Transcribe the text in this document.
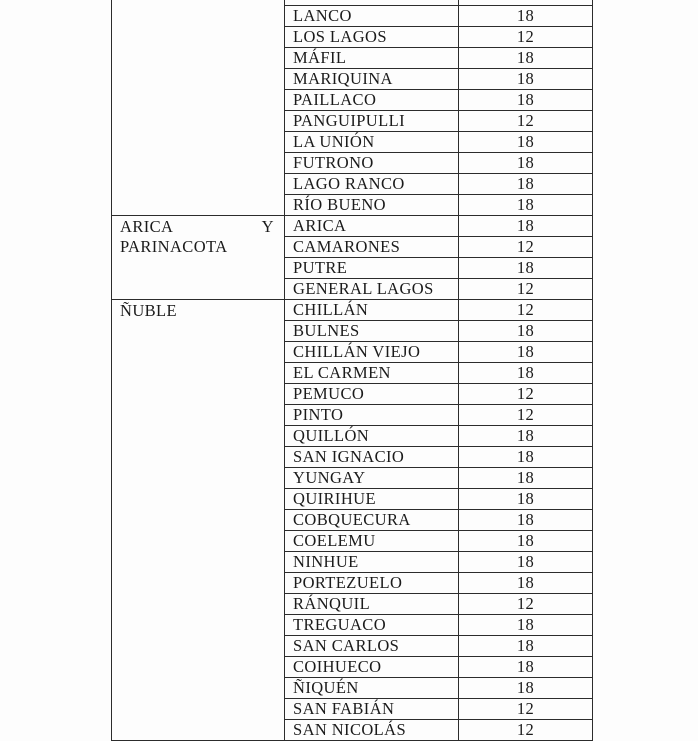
	LANCO	18
	LOS LAGOS	12
	MÁFIL	18
	MARIQUINA	18
	PAILLACO	18
	PANGUIPULLI	12
	LA UNIÓN	18
	FUTRONO	18
	LAGO RANCO	18
	RÍO BUENO	18
ARICA Y PARINACOTA	ARICA	18
	CAMARONES	12
	PUTRE	18
	GENERAL LAGOS	12
ÑUBLE	CHILLÁN	12
	BULNES	18
	CHILLÁN VIEJO	18
	EL CARMEN	18
	PEMUCO	12
	PINTO	12
	QUILLÓN	18
	SAN IGNACIO	18
	YUNGAY	18
	QUIRIHUE	18
	COBQUECURA	18
	COELEMU	18
	NINHUE	18
	PORTEZUELO	18
	RÁNQUIL	12
	TREGUACO	18
	SAN CARLOS	18
	COIHUECO	18
	ÑIQUÉN	18
	SAN FABIÁN	12
	SAN NICOLÁS	12
